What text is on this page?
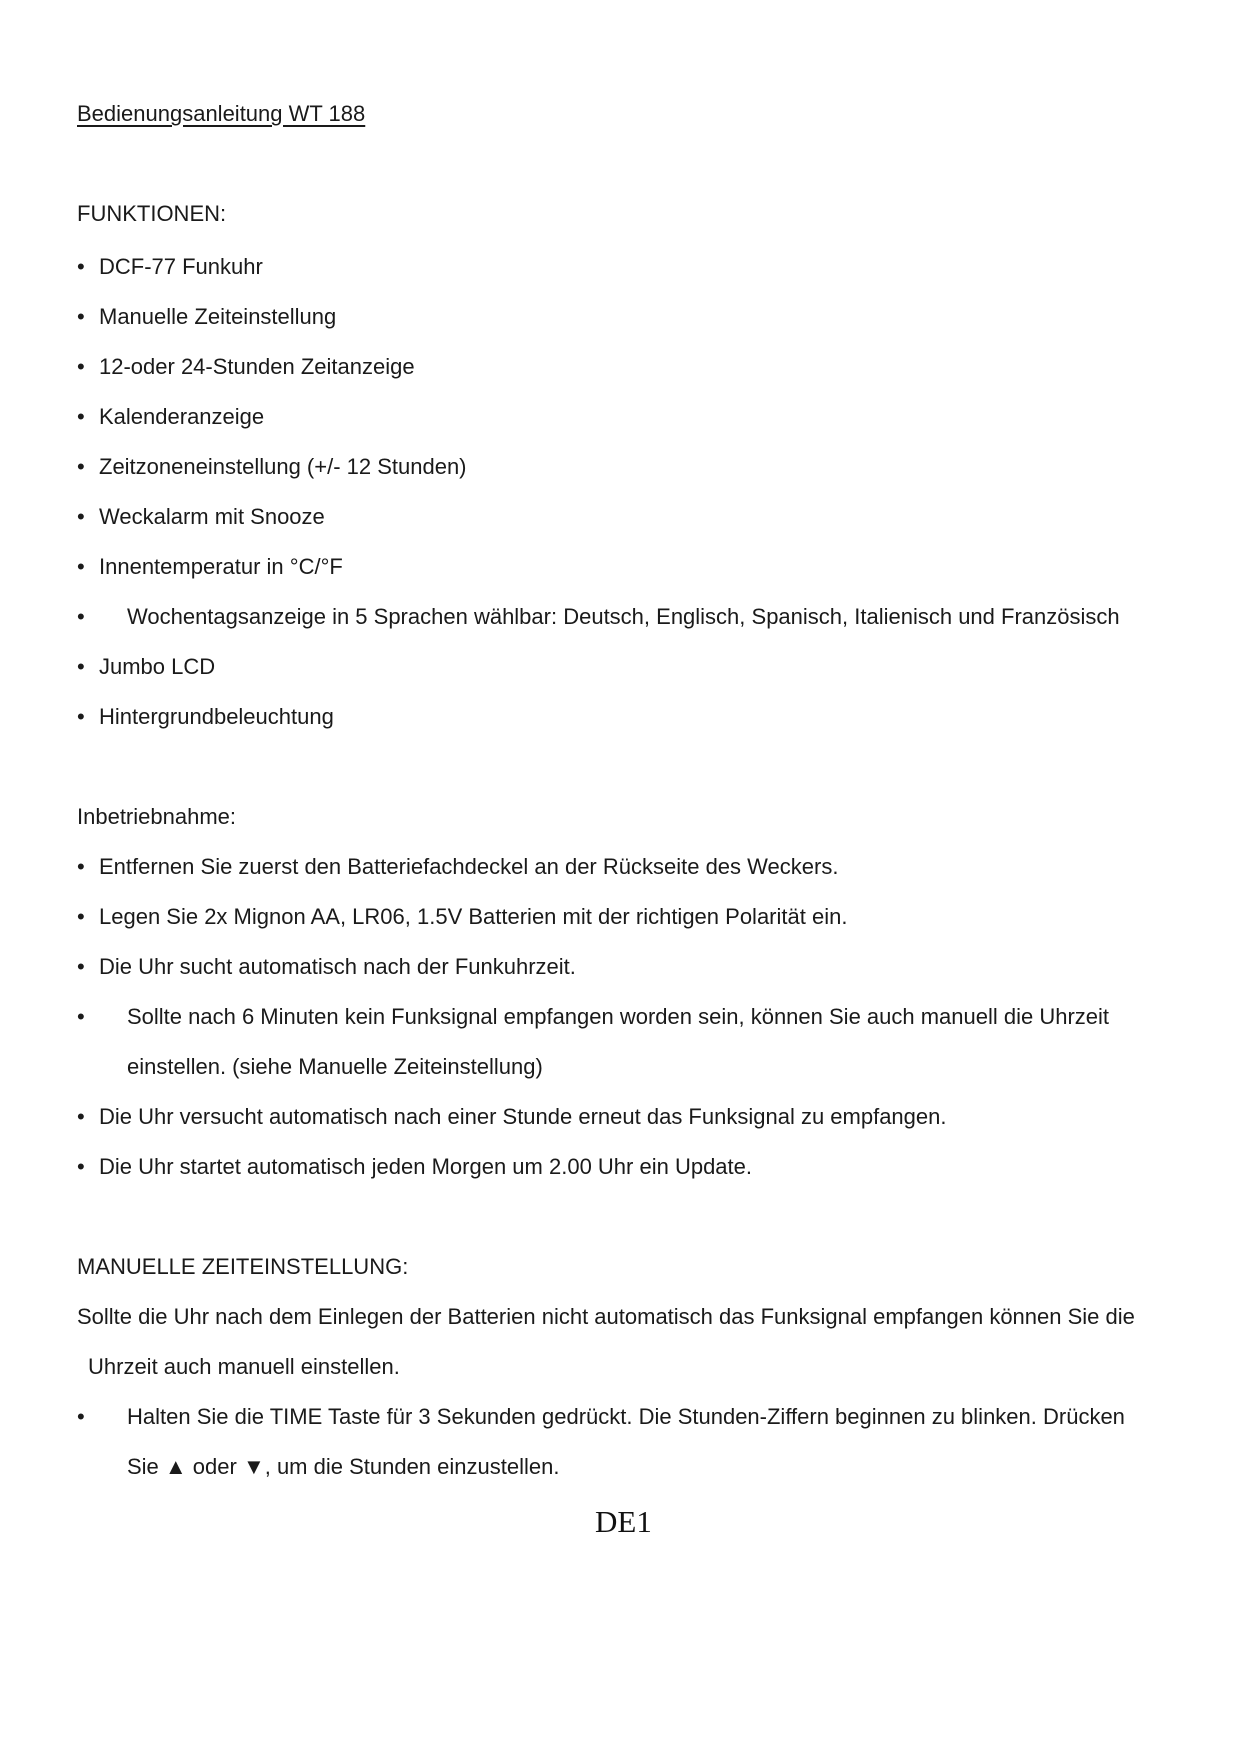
Bedienungsanleitung WT 188
FUNKTIONEN:
• DCF-77 Funkuhr
• Manuelle Zeiteinstellung
• 12-oder 24-Stunden Zeitanzeige
• Kalenderanzeige
• Zeitzoneneinstellung (+/- 12 Stunden)
• Weckalarm mit Snooze
• Innentemperatur in °C/°F
• Wochentagsanzeige in 5 Sprachen wählbar: Deutsch, Englisch, Spanisch, Italienisch und Französisch
• Jumbo LCD
• Hintergrundbeleuchtung
Inbetriebnahme:
• Entfernen Sie zuerst den Batteriefachdeckel an der Rückseite des Weckers.
• Legen Sie 2x Mignon AA, LR06, 1.5V Batterien mit der richtigen Polarität ein.
• Die Uhr sucht automatisch nach der Funkuhrzeit.
• Sollte nach 6 Minuten kein Funksignal empfangen worden sein, können Sie auch manuell die Uhrzeit
einstellen. (siehe Manuelle Zeiteinstellung)
• Die Uhr versucht automatisch nach einer Stunde erneut das Funksignal zu empfangen.
• Die Uhr startet automatisch jeden Morgen um 2.00 Uhr ein Update.
MANUELLE ZEITEINSTELLUNG:
Sollte die Uhr nach dem Einlegen der Batterien nicht automatisch das Funksignal empfangen können Sie die
Uhrzeit auch manuell einstellen.
• Halten Sie die TIME Taste für 3 Sekunden gedrückt. Die Stunden-Ziffern beginnen zu blinken. Drücken
Sie ▲ oder ▼, um die Stunden einzustellen.
DE1
